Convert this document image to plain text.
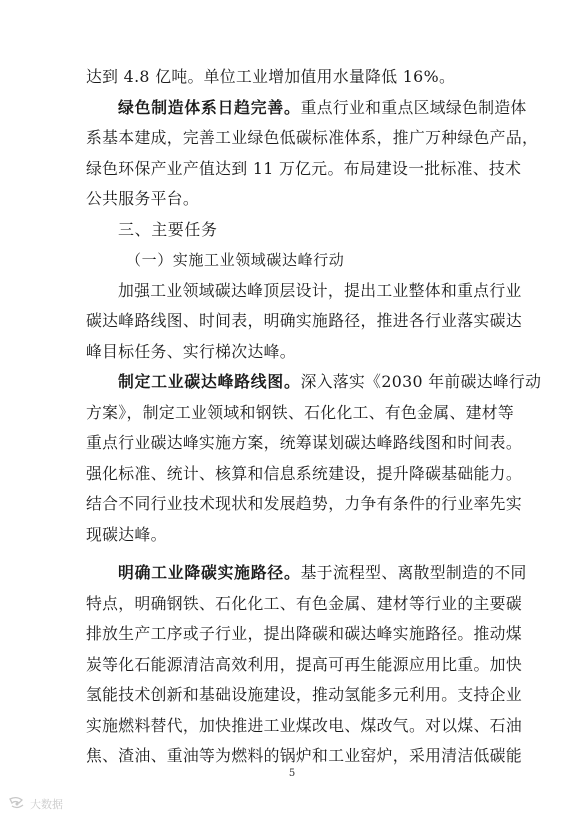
达到 4.8 亿吨。单位工业增加值用水量降低 16%。
绿色制造体系日趋完善。重点行业和重点区域绿色制造体
系基本建成，完善工业绿色低碳标准体系，推广万种绿色产品，
绿色环保产业产值达到 11 万亿元。布局建设一批标准、技术
公共服务平台。
三、主要任务
（一）实施工业领域碳达峰行动
加强工业领域碳达峰顶层设计，提出工业整体和重点行业
碳达峰路线图、时间表，明确实施路径，推进各行业落实碳达
峰目标任务、实行梯次达峰。
制定工业碳达峰路线图。深入落实《2030 年前碳达峰行动
方案》，制定工业领域和钢铁、石化化工、有色金属、建材等
重点行业碳达峰实施方案，统筹谋划碳达峰路线图和时间表。
强化标准、统计、核算和信息系统建设，提升降碳基础能力。
结合不同行业技术现状和发展趋势，力争有条件的行业率先实
现碳达峰。
明确工业降碳实施路径。基于流程型、离散型制造的不同
特点，明确钢铁、石化化工、有色金属、建材等行业的主要碳
排放生产工序或子行业，提出降碳和碳达峰实施路径。推动煤
炭等化石能源清洁高效利用，提高可再生能源应用比重。加快
氢能技术创新和基础设施建设，推动氢能多元利用。支持企业
实施燃料替代，加快推进工业煤改电、煤改气。对以煤、石油
焦、渣油、重油等为燃料的锅炉和工业窑炉，采用清洁低碳能
5
大数据
